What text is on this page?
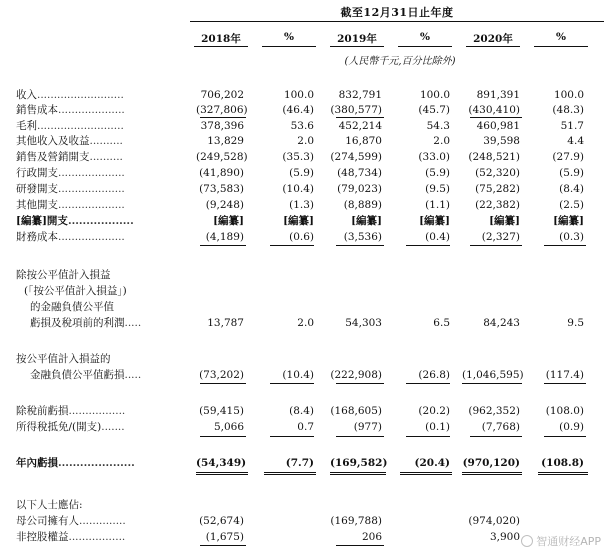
截至12月31日止年度
2018年	%	2019年	%	2020年	%
(人民幣千元,百分比除外)
收入..........................	706,202	100.0	832,791	100.0	891,391	100.0
銷售成本....................	(327,806)	(46.4) (380,577)	(45.7)	(430,410)	(48.3)
毛利..........................	378,396	53.6	452,214	54.3	460,981	51.7
其他收入及收益..........	13,829	2.0	16,870	2.0	39,598	4.4
銷售及營銷開支..........	(249,528)	(35.3) (274,599)	(33.0)	(248,521)	(27.9)
行政開支....................	(41,890)	(5.9)	(48,734)	(5.9)	(52,320)	(5.9)
研發開支....................	(73,583)	(10.4)	(79,023)	(9.5)	(75,282)	(8.4)
其他開支....................	(9,248)	(1.3)	(8,889)	(1.1)	(22,382)	(2.5)
[編纂]開支..................	[編纂]	[編纂]	[編纂]	[編纂]	[編纂]	[編纂]
財務成本....................	(4,189)	(0.6)	(3,536)	(0.4)	(2,327)	(0.3)
除按公平值計入損益
(「按公平值計入損益」)
的金融負債公平值
虧損及稅項前的利潤.....	13,787	2.0	54,303	6.5	84,243	9.5
按公平值計入損益的
金融負債公平值虧損.....	(73,202)	(10.4) (222,908)	(26.8) (1,046,595)	(117.4)
除稅前虧損.................	(59,415)	(8.4) (168,605)	(20.2)	(962,352)	(108.0)
所得稅抵免/(開支).......	5,066	0.7	(977)	(0.1)	(7,768)	(0.9)
年內虧損.....................	(54,349)	(7.7) (169,582)	(20.4) (970,120) (108.8)
以下人士應佔:
母公司擁有人..............	(52,674)	(169,788)	(974,020)
非控股權益.................	(1,675)	206	3,900 智通财经APP
